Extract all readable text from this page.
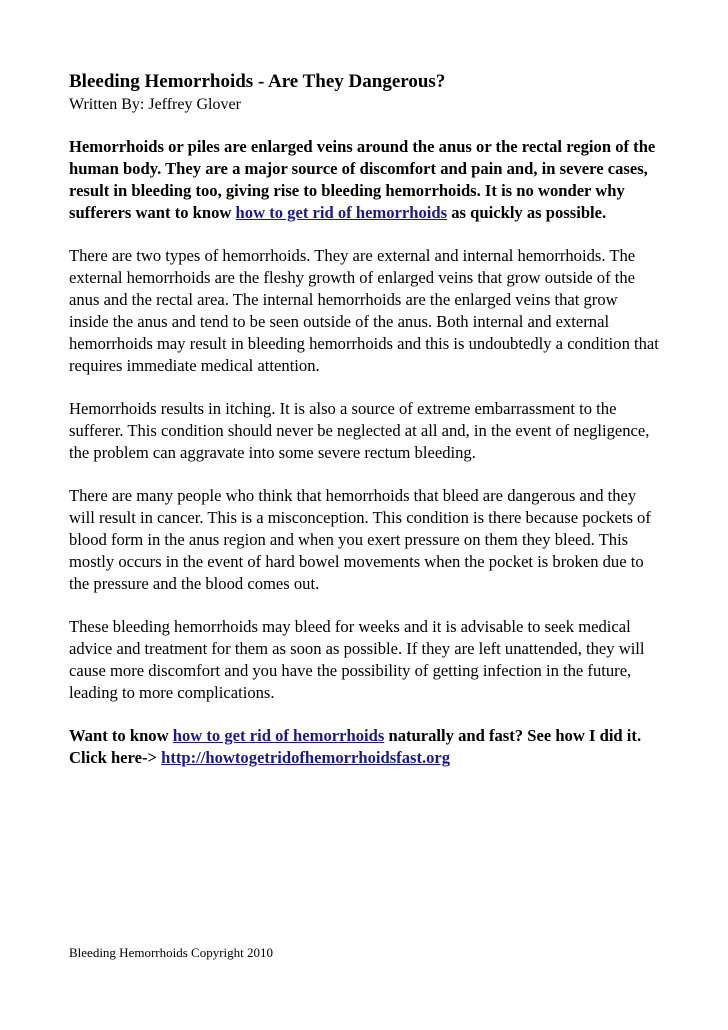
Bleeding Hemorrhoids - Are They Dangerous?
Written By: Jeffrey Glover

Hemorrhoids or piles are enlarged veins around the anus or the rectal region of the human body. They are a major source of discomfort and pain and, in severe cases, result in bleeding too, giving rise to bleeding hemorrhoids. It is no wonder why sufferers want to know how to get rid of hemorrhoids as quickly as possible.

There are two types of hemorrhoids. They are external and internal hemorrhoids. The external hemorrhoids are the fleshy growth of enlarged veins that grow outside of the anus and the rectal area. The internal hemorrhoids are the enlarged veins that grow inside the anus and tend to be seen outside of the anus. Both internal and external hemorrhoids may result in bleeding hemorrhoids and this is undoubtedly a condition that requires immediate medical attention.

Hemorrhoids results in itching. It is also a source of extreme embarrassment to the sufferer. This condition should never be neglected at all and, in the event of negligence, the problem can aggravate into some severe rectum bleeding.

There are many people who think that hemorrhoids that bleed are dangerous and they will result in cancer. This is a misconception. This condition is there because pockets of blood form in the anus region and when you exert pressure on them they bleed. This mostly occurs in the event of hard bowel movements when the pocket is broken due to the pressure and the blood comes out.

These bleeding hemorrhoids may bleed for weeks and it is advisable to seek medical advice and treatment for them as soon as possible. If they are left unattended, they will cause more discomfort and you have the possibility of getting infection in the future, leading to more complications.

Want to know how to get rid of hemorrhoids naturally and fast? See how I did it. Click here-> http://howtogetridofhemorrhoidsfast.org

Bleeding Hemorrhoids Copyright 2010
